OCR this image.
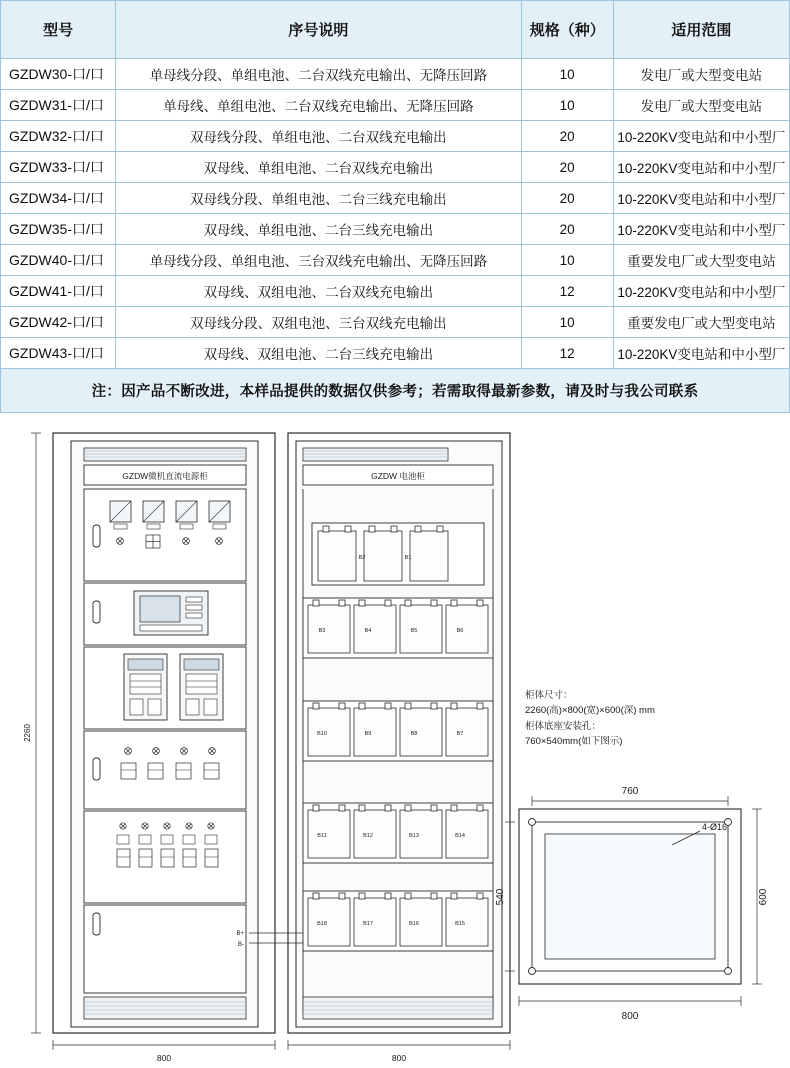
型号	序号说明	规格（种）	适用范围
GZDW30-口/口	单母线分段、单组电池、二台双线充电输出、无降压回路	10	发电厂或大型变电站
GZDW31-口/口	单母线、单组电池、二台双线充电输出、无降压回路	10	发电厂或大型变电站
GZDW32-口/口	双母线分段、单组电池、二台双线充电输出	20	10-220KV变电站和中小型厂
GZDW33-口/口	双母线、单组电池、二台双线充电输出	20	10-220KV变电站和中小型厂
GZDW34-口/口	双母线分段、单组电池、二台三线充电输出	20	10-220KV变电站和中小型厂
GZDW35-口/口	双母线、单组电池、二台三线充电输出	20	10-220KV变电站和中小型厂
GZDW40-口/口	单母线分段、单组电池、三台双线充电输出、无降压回路	10	重要发电厂或大型变电站
GZDW41-口/口	双母线、双组电池、二台双线充电输出	12	10-220KV变电站和中小型厂
GZDW42-口/口	双母线分段、双组电池、三台双线充电输出	10	重要发电厂或大型变电站
GZDW43-口/口	双母线、双组电池、二台三线充电输出	12	10-220KV变电站和中小型厂
注：因产品不断改进，本样品提供的数据仅供参考；若需取得最新参数，请及时与我公司联系			
GZDW微机直流电源柜
2260
800
GZDW 电池柜
B2	B1
B3	B4	B5	B6
B10	B9	B8	B7
B11	B12	B13	B14
B18	B17	B16	B15
B+
B-
800
柜体尺寸：
2260(高)×800(宽)×600(深) mm
柜体底座安装孔：
760×540mm(如下图示)
4-Ø16
760
540	600
800
